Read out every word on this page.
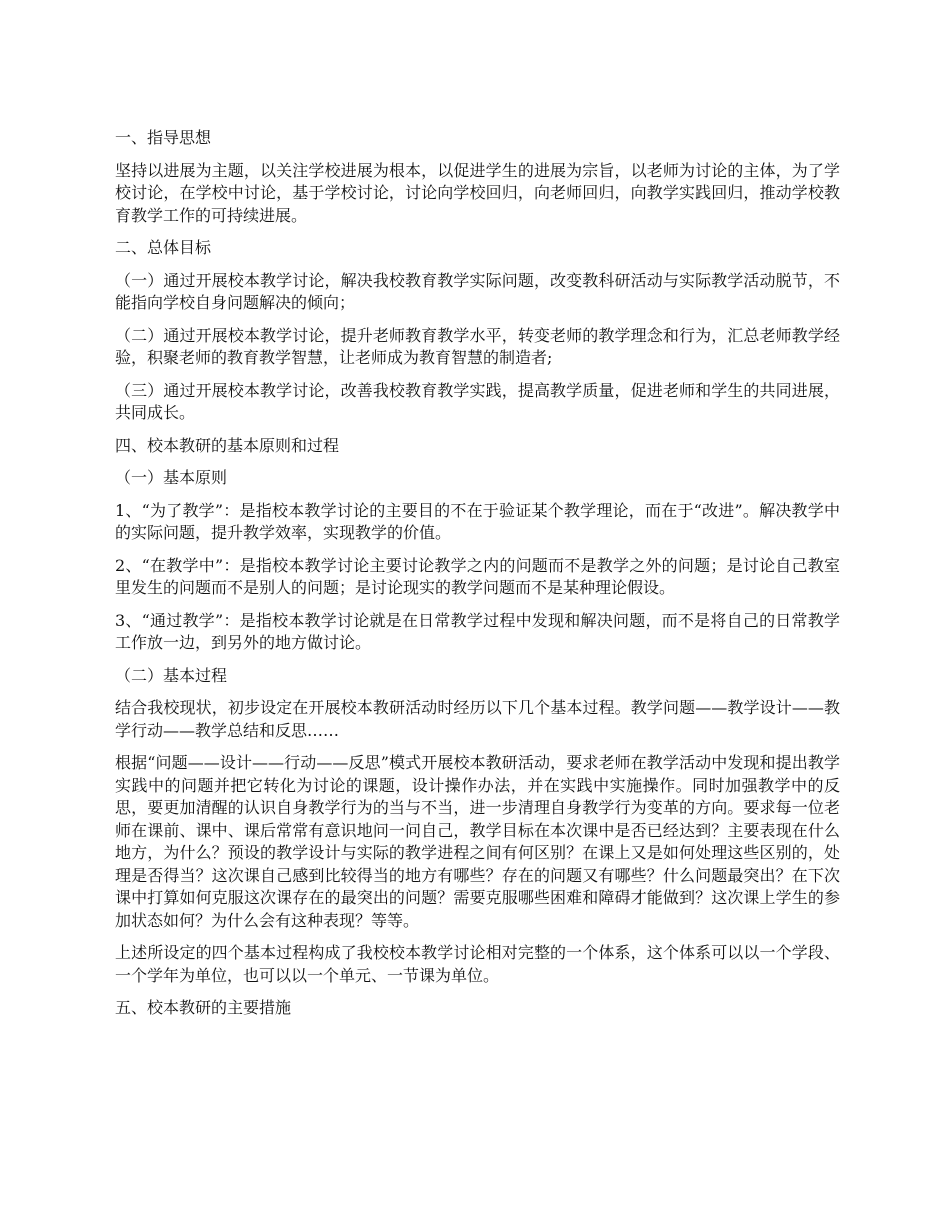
一、指导思想

坚持以进展为主题，以关注学校进展为根本，以促进学生的进展为宗旨，以老师为讨论的主体，为了学校讨论，在学校中讨论，基于学校讨论，讨论向学校回归，向老师回归，向教学实践回归，推动学校教育教学工作的可持续进展。

二、总体目标

（一）通过开展校本教学讨论，解决我校教育教学实际问题，改变教科研活动与实际教学活动脱节，不能指向学校自身问题解决的倾向；

（二）通过开展校本教学讨论，提升老师教育教学水平，转变老师的教学理念和行为，汇总老师教学经验，积聚老师的教育教学智慧，让老师成为教育智慧的制造者;

（三）通过开展校本教学讨论，改善我校教育教学实践，提高教学质量，促进老师和学生的共同进展，共同成长。

四、校本教研的基本原则和过程
（一）基本原则

1、“为了教学”：是指校本教学讨论的主要目的不在于验证某个教学理论，而在于“改进”。解决教学中的实际问题，提升教学效率，实现教学的价值。

2、“在教学中”：是指校本教学讨论主要讨论教学之内的问题而不是教学之外的问题；是讨论自己教室里发生的问题而不是别人的问题；是讨论现实的教学问题而不是某种理论假设。

3、“通过教学”：是指校本教学讨论就是在日常教学过程中发现和解决问题，而不是将自己的日常教学工作放一边，到另外的地方做讨论。

（二）基本过程

结合我校现状，初步设定在开展校本教研活动时经历以下几个基本过程。教学问题——教学设计——教学行动——教学总结和反思……

根据“问题——设计——行动——反思”模式开展校本教研活动，要求老师在教学活动中发现和提出教学实践中的问题并把它转化为讨论的课题，设计操作办法，并在实践中实施操作。同时加强教学中的反思，要更加清醒的认识自身教学行为的当与不当，进一步清理自身教学行为变革的方向。要求每一位老师在课前、课中、课后常常有意识地问一问自己，教学目标在本次课中是否已经达到？主要表现在什么地方，为什么？预设的教学设计与实际的教学进程之间有何区别？在课上又是如何处理这些区别的，处理是否得当？这次课自己感到比较得当的地方有哪些？存在的问题又有哪些？什么问题最突出？在下次课中打算如何克服这次课存在的最突出的问题？需要克服哪些困难和障碍才能做到？这次课上学生的参加状态如何？为什么会有这种表现？等等。

上述所设定的四个基本过程构成了我校校本教学讨论相对完整的一个体系，这个体系可以以一个学段、一个学年为单位，也可以以一个单元、一节课为单位。

五、校本教研的主要措施
